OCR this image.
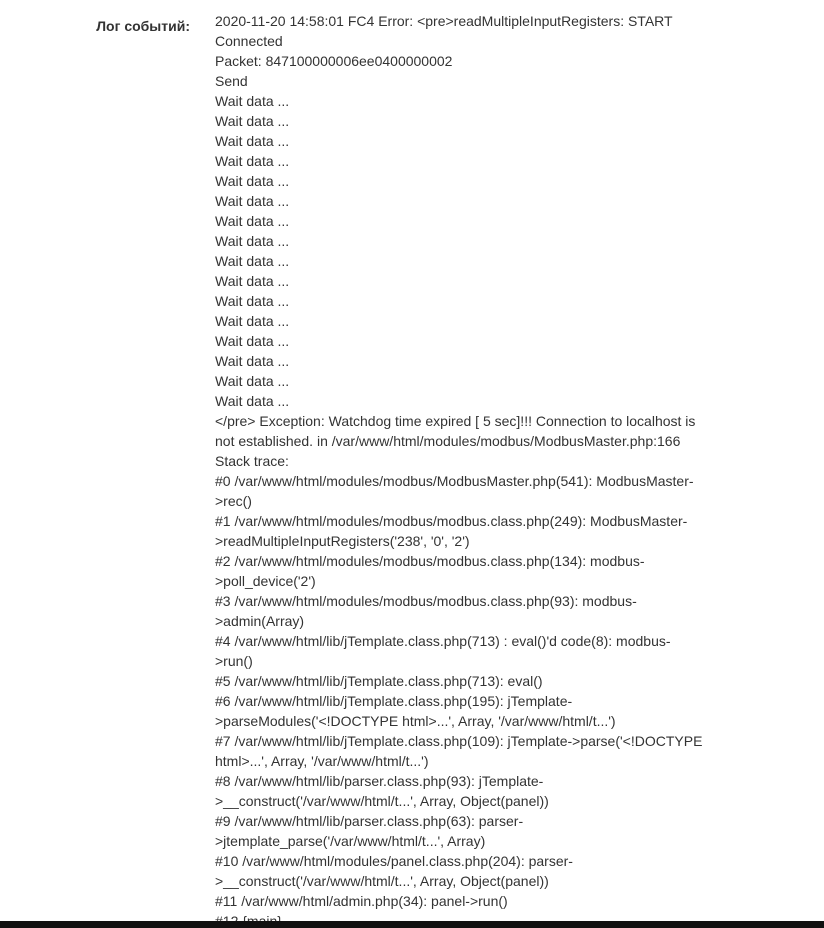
Лог событий: 2020-11-20 14:58:01 FC4 Error: <pre>readMultipleInputRegisters: START
Connected
Packet: 847100000006ee0400000002
Send
Wait data ...
Wait data ...
Wait data ...
Wait data ...
Wait data ...
Wait data ...
Wait data ...
Wait data ...
Wait data ...
Wait data ...
Wait data ...
Wait data ...
Wait data ...
Wait data ...
Wait data ...
Wait data ...
</pre> Exception: Watchdog time expired [ 5 sec]!!! Connection to localhost is not established. in /var/www/html/modules/modbus/ModbusMaster.php:166
Stack trace:
#0 /var/www/html/modules/modbus/ModbusMaster.php(541): ModbusMaster->rec()
#1 /var/www/html/modules/modbus/modbus.class.php(249): ModbusMaster->readMultipleInputRegisters('238', '0', '2')
#2 /var/www/html/modules/modbus/modbus.class.php(134): modbus->poll_device('2')
#3 /var/www/html/modules/modbus/modbus.class.php(93): modbus->admin(Array)
#4 /var/www/html/lib/jTemplate.class.php(713) : eval()'d code(8): modbus->run()
#5 /var/www/html/lib/jTemplate.class.php(713): eval()
#6 /var/www/html/lib/jTemplate.class.php(195): jTemplate->parseModules('<!DOCTYPE html>...', Array, '/var/www/html/t...')
#7 /var/www/html/lib/jTemplate.class.php(109): jTemplate->parse('<!DOCTYPE html>...', Array, '/var/www/html/t...')
#8 /var/www/html/lib/parser.class.php(93): jTemplate->__construct('/var/www/html/t...', Array, Object(panel))
#9 /var/www/html/lib/parser.class.php(63): parser->jtemplate_parse('/var/www/html/t...', Array)
#10 /var/www/html/modules/panel.class.php(204): parser->__construct('/var/www/html/t...', Array, Object(panel))
#11 /var/www/html/admin.php(34): panel->run()
